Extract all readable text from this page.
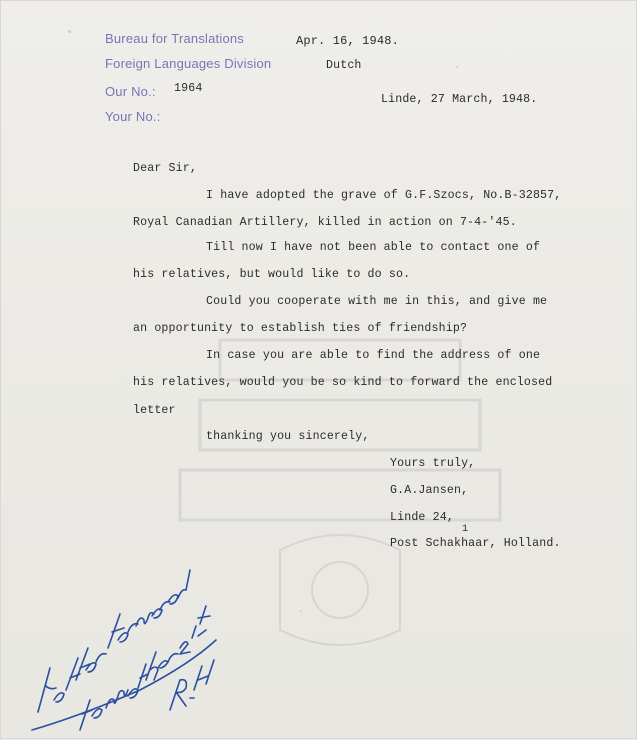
Bureau for Translations
Foreign Languages Division
Our No.:
Your No.:
Apr. 16, 1948.
Dutch
1964
Linde, 27 March, 1948.
Dear Sir,
I have adopted the grave of G.F.Szocs, No.B-32857,
Royal Canadian Artillery, killed in action on 7-4-'45.
Till now I have not been able to contact one of
his relatives, but would like to do so.
Could you cooperate with me in this, and give me
an opportunity to establish ties of friendship?
In case you are able to find the address of one
his relatives, would you be so kind to forward the enclosed
letter
thanking you sincerely,
Yours truly,
G.A.Jansen,
Linde 24,
1
Post Schakhaar, Holland.
